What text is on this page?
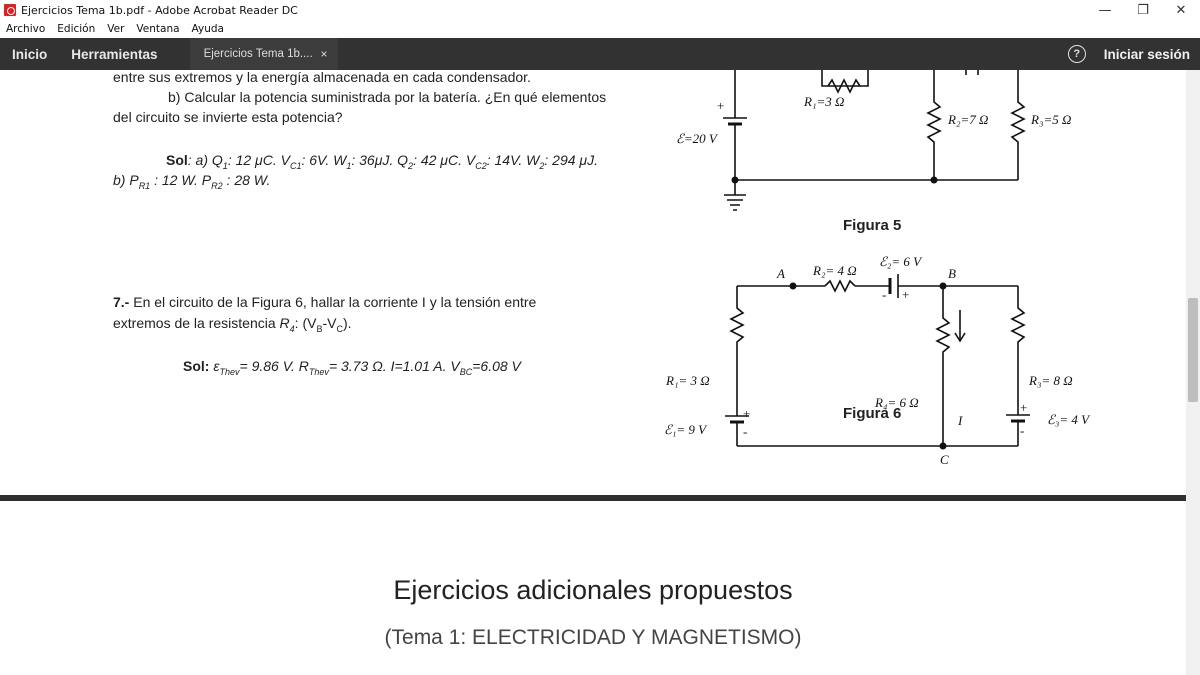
Ejercicios Tema 1b.pdf - Adobe Acrobat Reader DC	—	❐	✕
Archivo Edición Ver Ventana Ayuda
Inicio	Herramientas	Ejercicios Tema 1b.... ×	?	Iniciar sesión
entre sus extremos y la energía almacenada en cada condensador.
b) Calcular la potencia suministrada por la batería. ¿En qué elementos
del circuito se invierte esta potencia?
Sol: a) $Q_1$: 12 μC. $V_{C1}$: 6V. $W_1$: 36μJ. $Q_2$: 42 μC. $V_{C2}$: 14V. $W_2$: 294 μJ.
b) $P_{R1}$ : 12 W. $P_{R2}$ : 28 W.
7.- En el circuito de la Figura 6, hallar la corriente I y la tensión entre
extremos de la resistencia $R_4$: $(V_B-V_C)$.
Sol: $\varepsilon_{Thev}= 9.86$ V. $R_{Thev}= 3.73$ Ω. I=1.01 A. $V_{BC}=6.08$ V
+	R₁=3 Ω
R₂=7 Ω	R₃=5 Ω
ℰ=20 V
Figura 5
A	B
C
R₂= 4 Ω
ℰ₂= 6 V
- +
R₁= 3 Ω
ℰ₁= 9 V
+
-
R₄= 6 Ω
I
R₃= 8 Ω
+
-
ℰ₃= 4 V
Figura 6
Ejercicios adicionales propuestos
(Tema 1: ELECTRICIDAD Y MAGNETISMO)
